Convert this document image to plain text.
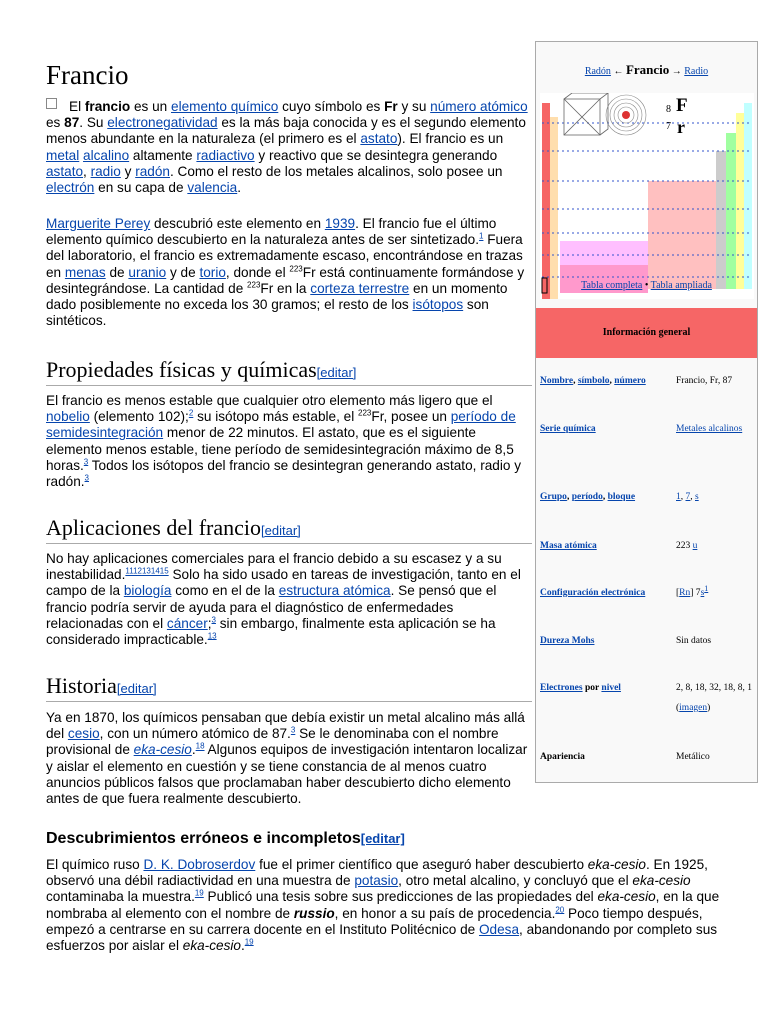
Francio

El francio es un elemento químico cuyo símbolo es Fr y su número atómico es 87. Su electronegatividad es la más baja conocida y es el segundo elemento menos abundante en la naturaleza (el primero es el astato). El francio es un metal alcalino altamente radiactivo y reactivo que se desintegra generando astato, radio y radón. Como el resto de los metales alcalinos, solo posee un electrón en su capa de valencia.

Marguerite Perey descubrió este elemento en 1939. El francio fue el último elemento químico descubierto en la naturaleza antes de ser sintetizado.$^1$ Fuera del laboratorio, el francio es extremadamente escaso, encontrándose en trazas en menas de uranio y de torio, donde el $^{223}$Fr está continuamente formándose y desintegrándose. La cantidad de $^{223}$Fr en la corteza terrestre en un momento dado posiblemente no exceda los 30 gramos; el resto de los isótopos son sintéticos.

Propiedades físicas y químicas[editar]

El francio es menos estable que cualquier otro elemento más ligero que el nobelio (elemento 102);$^2$ su isótopo más estable, el $^{223}$Fr, posee un período de semidesintegración menor de 22 minutos. El astato, que es el siguiente elemento menos estable, tiene período de semidesintegración máximo de 8,5 horas.$^3$ Todos los isótopos del francio se desintegran generando astato, radio y radón.$^3$

Aplicaciones del francio[editar]

No hay aplicaciones comerciales para el francio debido a su escasez y a su inestabilidad.$^{1112131415}$ Solo ha sido usado en tareas de investigación, tanto en el campo de la biología como en el de la estructura atómica. Se pensó que el francio podría servir de ayuda para el diagnóstico de enfermedades relacionadas con el cáncer;$^3$ sin embargo, finalmente esta aplicación se ha considerado impracticable.$^{13}$

Historia[editar]

Ya en 1870, los químicos pensaban que debía existir un metal alcalino más allá del cesio, con un número atómico de 87.$^3$ Se le denominaba con el nombre provisional de eka-cesio.$^{18}$ Algunos equipos de investigación intentaron localizar y aislar el elemento en cuestión y se tiene constancia de al menos cuatro anuncios públicos falsos que proclamaban haber descubierto dicho elemento antes de que fuera realmente descubierto.

Descubrimientos erróneos e incompletos[editar]

El químico ruso D. K. Dobroserdov fue el primer científico que aseguró haber descubierto eka-cesio. En 1925, observó una débil radiactividad en una muestra de potasio, otro metal alcalino, y concluyó que el eka-cesio contaminaba la muestra.$^{19}$ Publicó una tesis sobre sus predicciones de las propiedades del eka-cesio, en la que nombraba al elemento con el nombre de russio, en honor a su país de procedencia.$^{20}$ Poco tiempo después, empezó a centrarse en su carrera docente en el Instituto Politécnico de Odesa, abandonando por completo sus esfuerzos por aislar el eka-cesio.$^{19}$

Radón ← Francio → Radio
8 F
7 r
Tabla completa • Tabla ampliada
Información general
Nombre, símbolo, número	Francio, Fr, 87
Serie química	Metales alcalinos
Grupo, período, bloque	1, 7, s
Masa atómica	223 u
Configuración electrónica	[Rn] $7s^1$
Dureza Mohs	Sin datos
Electrones por nivel	2, 8, 18, 32, 18, 8, 1 (imagen)
Apariencia	Metálico
